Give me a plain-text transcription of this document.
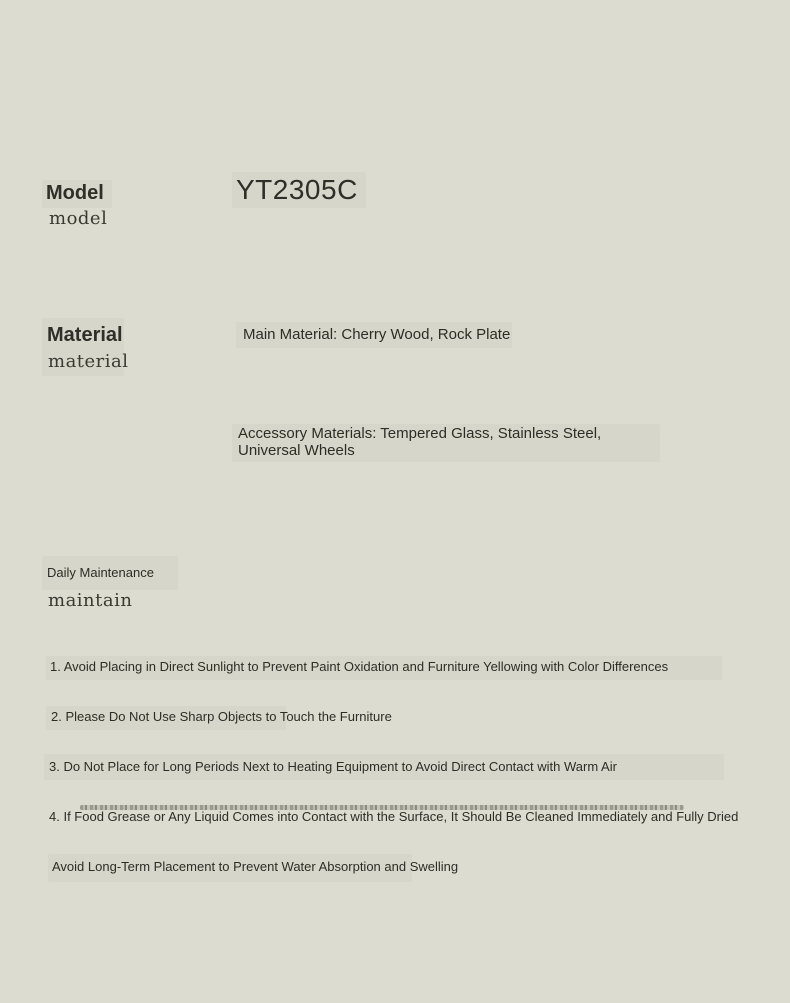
Model
model
YT2305C
Material
material
Main Material: Cherry Wood, Rock Plate
Accessory Materials: Tempered Glass, Stainless Steel,
Universal Wheels
Daily Maintenance
maintain
1. Avoid Placing in Direct Sunlight to Prevent Paint Oxidation and Furniture Yellowing with Color Differences
2. Please Do Not Use Sharp Objects to Touch the Furniture
3. Do Not Place for Long Periods Next to Heating Equipment to Avoid Direct Contact with Warm Air
4. If Food Grease or Any Liquid Comes into Contact with the Surface, It Should Be Cleaned Immediately and Fully Dried
Avoid Long-Term Placement to Prevent Water Absorption and Swelling
